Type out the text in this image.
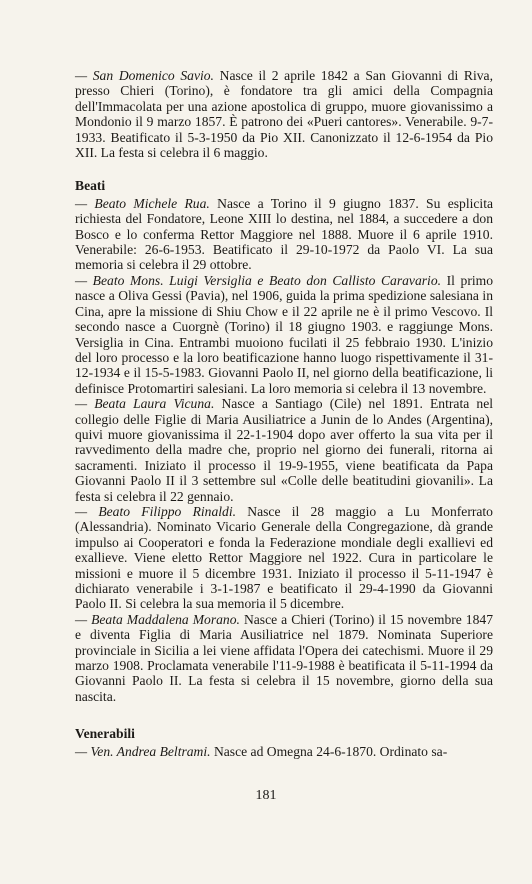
— San Domenico Savio. Nasce il 2 aprile 1842 a San Giovanni di Riva, presso Chieri (Torino), è fondatore tra gli amici della Compagnia dell'Immacolata per una azione apostolica di gruppo, muore giovanissimo a Mondonio il 9 marzo 1857. È patrono dei «Pueri cantores». Venerabile. 9-7-1933. Beatificato il 5-3-1950 da Pio XII. Canonizzato il 12-6-1954 da Pio XII. La festa si celebra il 6 maggio.

Beati

— Beato Michele Rua. Nasce a Torino il 9 giugno 1837. Su esplicita richiesta del Fondatore, Leone XIII lo destina, nel 1884, a succedere a don Bosco e lo conferma Rettor Maggiore nel 1888. Muore il 6 aprile 1910. Venerabile: 26-6-1953. Beatificato il 29-10-1972 da Paolo VI. La sua memoria si celebra il 29 ottobre.

— Beato Mons. Luigi Versiglia e Beato don Callisto Caravario. Il primo nasce a Oliva Gessi (Pavia), nel 1906, guida la prima spedizione salesiana in Cina, apre la missione di Shiu Chow e il 22 aprile ne è il primo Vescovo. Il secondo nasce a Cuorgnè (Torino) il 18 giugno 1903. e raggiunge Mons. Versiglia in Cina. Entrambi muoiono fucilati il 25 febbraio 1930. L'inizio del loro processo e la loro beatificazione hanno luogo rispettivamente il 31-12-1934 e il 15-5-1983. Giovanni Paolo II, nel giorno della beatificazione, li definisce Protomartiri salesiani. La loro memoria si celebra il 13 novembre.

— Beata Laura Vicuna. Nasce a Santiago (Cile) nel 1891. Entrata nel collegio delle Figlie di Maria Ausiliatrice a Junin de lo Andes (Argentina), quivi muore giovanissima il 22-1-1904 dopo aver offerto la sua vita per il ravvedimento della madre che, proprio nel giorno dei funerali, ritorna ai sacramenti. Iniziato il processo il 19-9-1955, viene beatificata da Papa Giovanni Paolo II il 3 settembre sul «Colle delle beatitudini giovanili». La festa si celebra il 22 gennaio.

— Beato Filippo Rinaldi. Nasce il 28 maggio a Lu Monferrato (Alessandria). Nominato Vicario Generale della Congregazione, dà grande impulso ai Cooperatori e fonda la Federazione mondiale degli exallievi ed exallieve. Viene eletto Rettor Maggiore nel 1922. Cura in particolare le missioni e muore il 5 dicembre 1931. Iniziato il processo il 5-11-1947 è dichiarato venerabile i 3-1-1987 e beatificato il 29-4-1990 da Giovanni Paolo II. Si celebra la sua memoria il 5 dicembre.

— Beata Maddalena Morano. Nasce a Chieri (Torino) il 15 novembre 1847 e diventa Figlia di Maria Ausiliatrice nel 1879. Nominata Superiore provinciale in Sicilia a lei viene affidata l'Opera dei catechismi. Muore il 29 marzo 1908. Proclamata venerabile l'11-9-1988 è beatificata il 5-11-1994 da Giovanni Paolo II. La festa si celebra il 15 novembre, giorno della sua nascita.

Venerabili

— Ven. Andrea Beltrami. Nasce ad Omegna 24-6-1870. Ordinato sa-

181
